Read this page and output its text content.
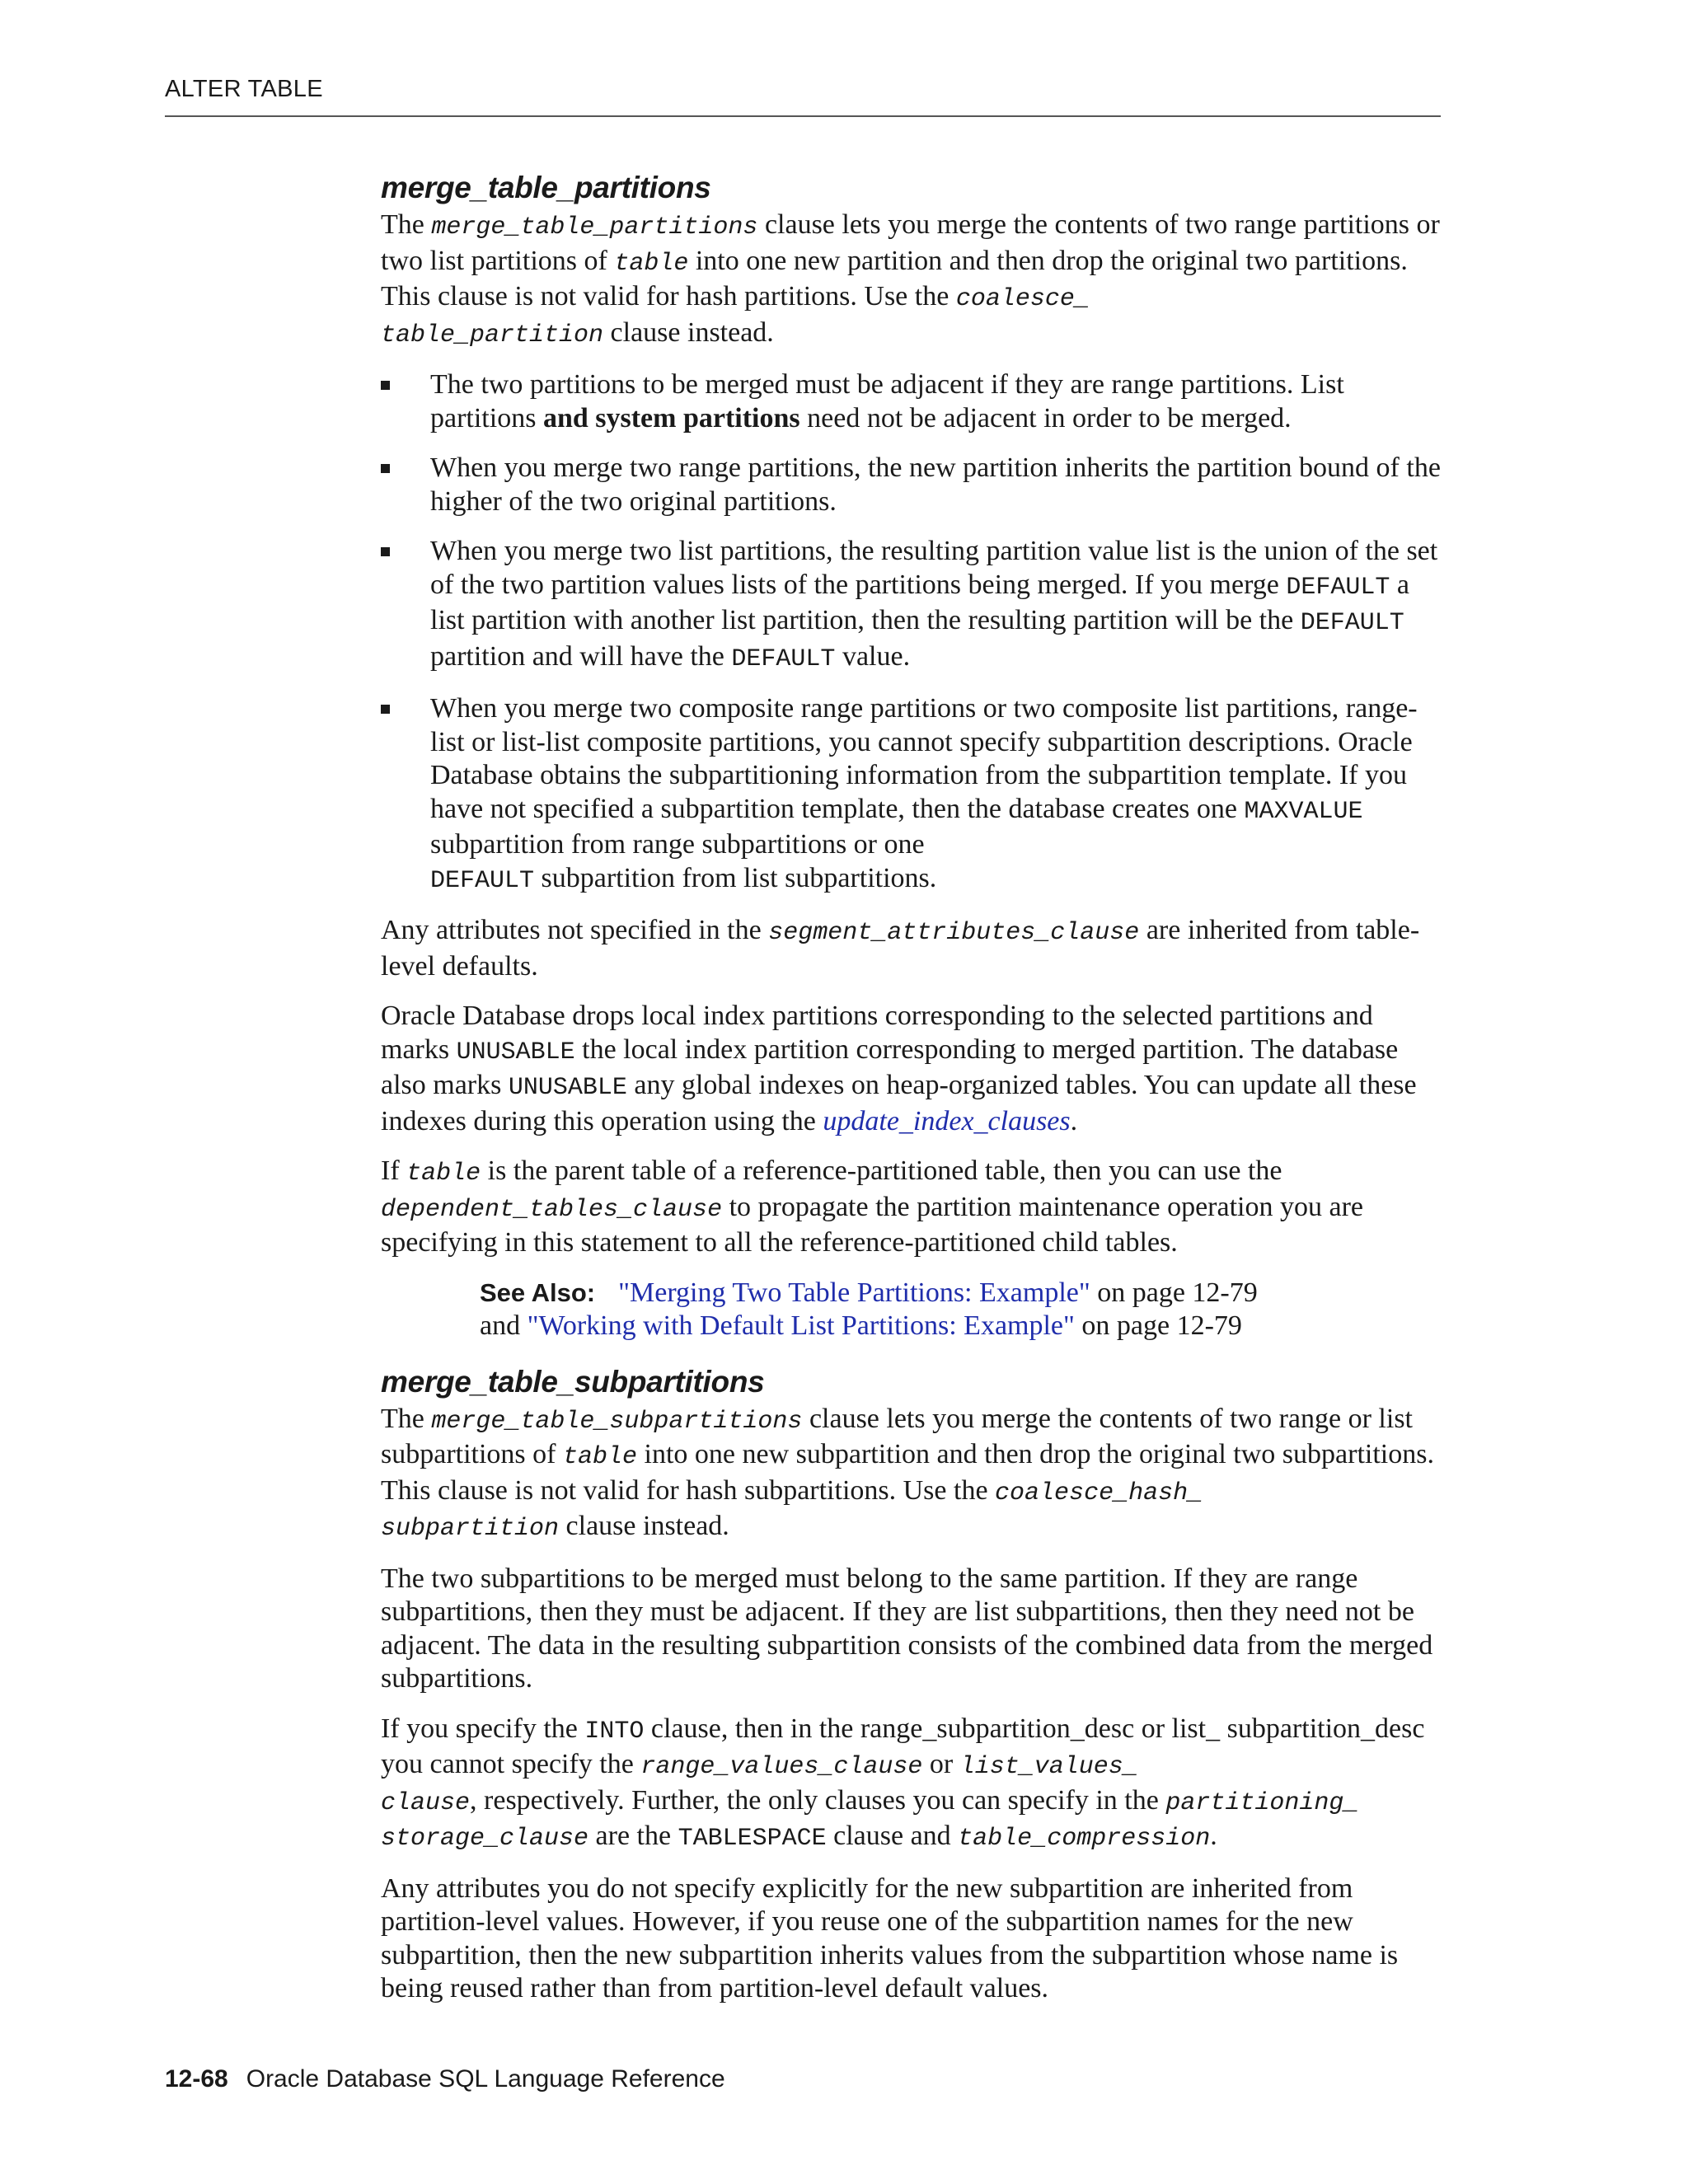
ALTER TABLE
merge_table_partitions

The merge_table_partitions clause lets you merge the contents of two range partitions or two list partitions of table into one new partition and then drop the original two partitions. This clause is not valid for hash partitions. Use the coalesce_
table_partition clause instead.

The two partitions to be merged must be adjacent if they are range partitions. List partitions and system partitions need not be adjacent in order to be merged.
When you merge two range partitions, the new partition inherits the partition bound of the higher of the two original partitions.
When you merge two list partitions, the resulting partition value list is the union of the set of the two partition values lists of the partitions being merged. If you merge DEFAULT a list partition with another list partition, then the resulting partition will be the DEFAULT partition and will have the DEFAULT value.
When you merge two composite range partitions or two composite list partitions, range-list or list-list composite partitions, you cannot specify subpartition descriptions. Oracle Database obtains the subpartitioning information from the subpartition template. If you have not specified a subpartition template, then the database creates one MAXVALUE subpartition from range subpartitions or one
DEFAULT subpartition from list subpartitions.

Any attributes not specified in the segment_attributes_clause are inherited from table-level defaults.

Oracle Database drops local index partitions corresponding to the selected partitions and marks UNUSABLE the local index partition corresponding to merged partition. The database also marks UNUSABLE any global indexes on heap-organized tables. You can update all these indexes during this operation using the update_index_clauses.

If table is the parent table of a reference-partitioned table, then you can use the dependent_tables_clause to propagate the partition maintenance operation you are specifying in this statement to all the reference-partitioned child tables.

See Also: "Merging Two Table Partitions: Example" on page 12-79
and "Working with Default List Partitions: Example" on page 12-79
merge_table_subpartitions

The merge_table_subpartitions clause lets you merge the contents of two range or list subpartitions of table into one new subpartition and then drop the original two subpartitions. This clause is not valid for hash subpartitions. Use the coalesce_hash_
subpartition clause instead.

The two subpartitions to be merged must belong to the same partition. If they are range subpartitions, then they must be adjacent. If they are list subpartitions, then they need not be adjacent. The data in the resulting subpartition consists of the combined data from the merged subpartitions.

If you specify the INTO clause, then in the range_subpartition_desc or list_ subpartition_desc you cannot specify the range_values_clause or list_values_
clause, respectively. Further, the only clauses you can specify in the partitioning_
storage_clause are the TABLESPACE clause and table_compression.

Any attributes you do not specify explicitly for the new subpartition are inherited from partition-level values. However, if you reuse one of the subpartition names for the new subpartition, then the new subpartition inherits values from the subpartition whose name is being reused rather than from partition-level default values.

12-68 Oracle Database SQL Language Reference
